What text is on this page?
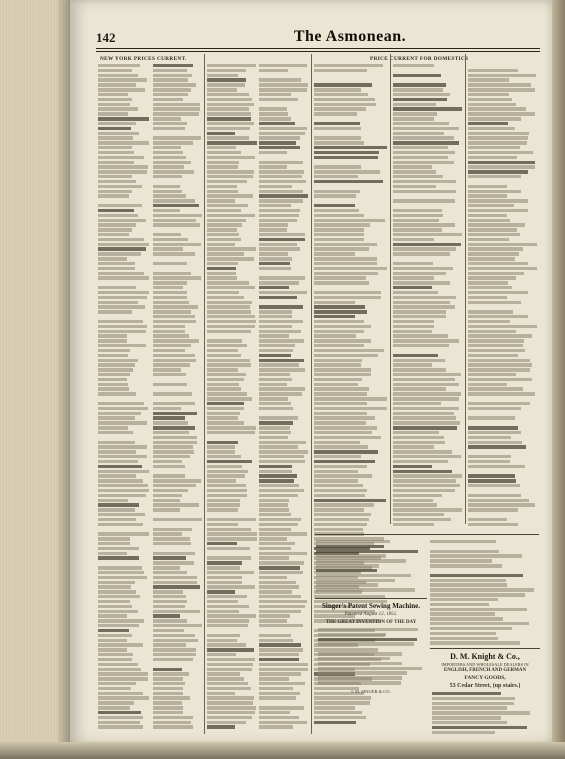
142	The Asmonean.
NEW YORK PRICES CURRENT.	PRICE CURRENT FOR DOMESTICS
Singer's Patent Sewing Machine.
Patented August 12, 1851.
THE GREAT INVENTION OF THE DAY
I. M. SINGER & CO.
D. M. Knight & Co.,
IMPORTERS AND WHOLESALE DEALERS IN
ENGLISH, FRENCH AND GERMAN
FANCY GOODS,
53 Cedar Street, (up stairs.)
